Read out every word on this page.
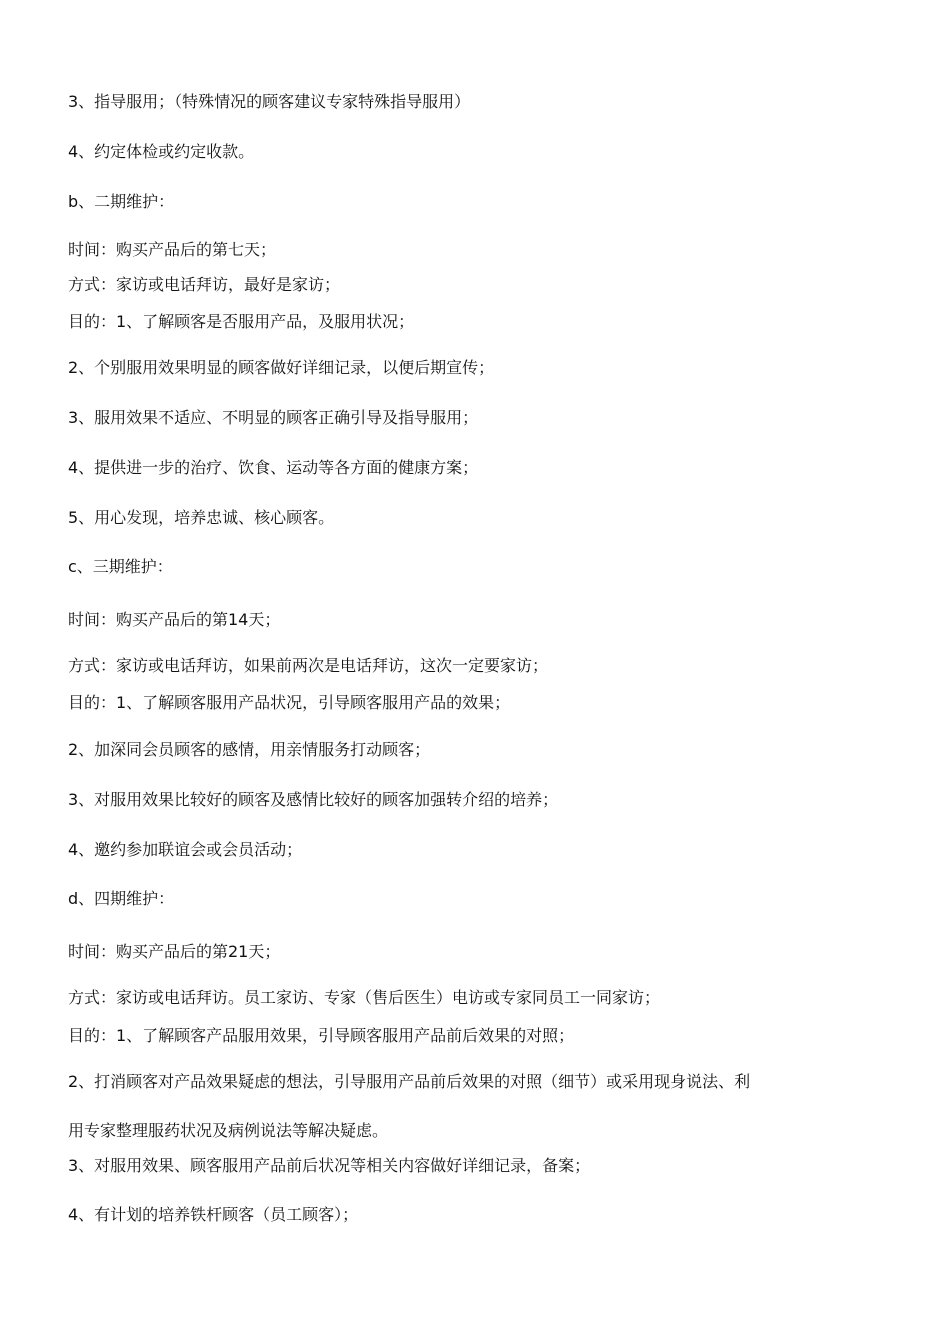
3、指导服用；（特殊情况的顾客建议专家特殊指导服用）
4、约定体检或约定收款。
b、二期维护：
时间：购买产品后的第七天；
方式：家访或电话拜访，最好是家访；
目的：1、了解顾客是否服用产品，及服用状况；
2、个别服用效果明显的顾客做好详细记录，以便后期宣传；
3、服用效果不适应、不明显的顾客正确引导及指导服用；
4、提供进一步的治疗、饮食、运动等各方面的健康方案；
5、用心发现，培养忠诚、核心顾客。
c、三期维护：
时间：购买产品后的第14天；
方式：家访或电话拜访，如果前两次是电话拜访，这次一定要家访；
目的：1、了解顾客服用产品状况，引导顾客服用产品的效果；
2、加深同会员顾客的感情，用亲情服务打动顾客；
3、对服用效果比较好的顾客及感情比较好的顾客加强转介绍的培养；
4、邀约参加联谊会或会员活动；
d、四期维护：
时间：购买产品后的第21天；
方式：家访或电话拜访。员工家访、专家（售后医生）电访或专家同员工一同家访；
目的：1、了解顾客产品服用效果，引导顾客服用产品前后效果的对照；
2、打消顾客对产品效果疑虑的想法，引导服用产品前后效果的对照（细节）或采用现身说法、利
用专家整理服药状况及病例说法等解决疑虑。
3、对服用效果、顾客服用产品前后状况等相关内容做好详细记录，备案；
4、有计划的培养铁杆顾客（员工顾客）；
